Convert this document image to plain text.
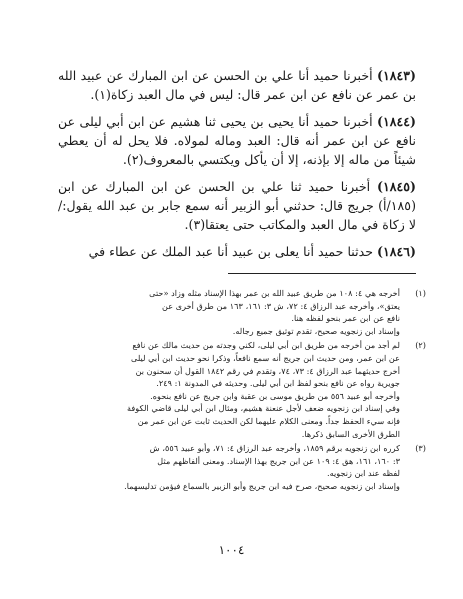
(١٨٤٣) أخبرنا حميد أنا علي بن الحسن عن ابن المبارك عن عبيد الله بن عمر عن نافع عن ابن عمر قال: ليس في مال العبد زكاة(١).

(١٨٤٤) أخبرنا حميد أنا يحيى بن يحيى ثنا هشيم عن ابن أبي ليلى عن نافع عن ابن عمر أنه قال: العبد وماله لمولاه. فلا يحل له أن يعطي شيئاً من ماله إلا بإذنه، إلا أن يأكل ويكتسي بالمعروف(٢).

(١٨٤٥) أخبرنا حميد ثنا علي بن الحسن عن ابن المبارك عن ابن (١٨٥/أ) جريج قال: حدثني أبو الزبير أنه سمع جابر بن عبد الله يقول:/ لا زكاة في مال العبد والمكاتب حتى يعتقا(٣).

(١٨٤٦) حدثنا حميد أنا يعلى بن عبيد أنا عبد الملك عن عطاء في

(١)
أخرجه هي ٤: ١٠٨ من طريق عبيد الله بن عمر بهذا الإسناد مثله وزاد «حتى
يعتق»، وأخرجه عبد الرزاق ٤: ٧٢، ش ٣: ١٦١، ١٦٣ من طرق أخرى عن
نافع عن ابن عمر بنحو لفظه هنا.
وإسناد ابن زنجويه صحيح، تقدم توثيق جميع رجاله.
(٢)
لم أجد من أخرجه من طريق ابن أبي ليلى، لكني وجدته من حديث مالك عن نافع
عن ابن عمر، ومن حديث ابن جريج أنه سمع نافعاً، وذكرا نحو حديث ابن أبي ليلى
أخرج حديثهما عبد الرزاق ٤: ٧٣، ٧٤، وتقدم في رقم ١٨٤٢ القول أن سحنون بن
جويرية رواه عن نافع بنحو لفظ ابن أبي ليلى. وحديثه في المدونة ١: ٢٤٩.
وأخرجه أبو عبيد ٥٥٦ من طريق موسى بن عقبة وابن جريج عن نافع بنحوه.
وفي إسناد ابن زنجويه ضعف لأجل عنعنة هشيم، ومثال ابن أبي ليلى قاضي الكوفة
فإنه سيء الحفظ جداً. ومعنى الكلام عليهما لكن الحديث ثابت عن ابن عمر من
الطرق الأخرى السابق ذكرها.
(٣)
كرره ابن زنجويه برقم ١٨٥٩، وأخرجه عبد الرزاق ٤: ٧١، وأبو عبيد ٥٥٦، ش
٣: ١٦٠، ١٦١، هق ٤: ١٠٩ عن ابن جريج بهذا الإسناد. ومعنى ألفاظهم مثل
لفظه عند ابن زنجويه.
وإسناد ابن زنجويه صحيح، صرح فيه ابن جريج وأبو الزبير بالسماع فيؤمن تدليسهما.
١٠٠٤
